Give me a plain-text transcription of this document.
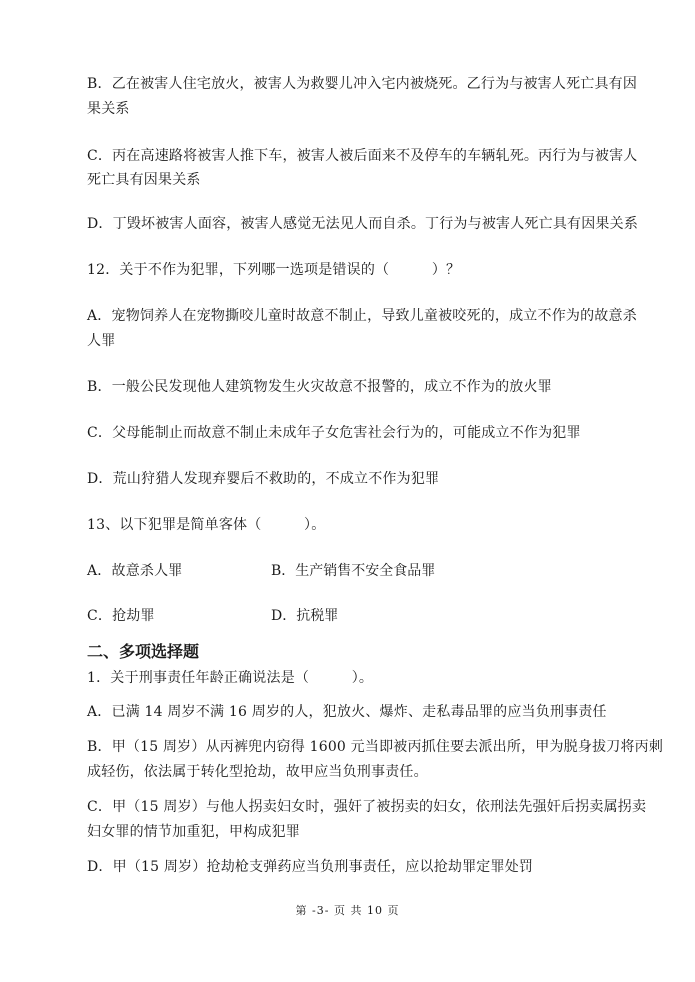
B．乙在被害人住宅放火，被害人为救婴儿冲入宅内被烧死。乙行为与被害人死亡具有因
果关系
C．丙在高速路将被害人推下车，被害人被后面来不及停车的车辆轧死。丙行为与被害人
死亡具有因果关系
D．丁毁坏被害人面容，被害人感觉无法见人而自杀。丁行为与被害人死亡具有因果关系
12．关于不作为犯罪，下列哪一选项是错误的（　　　）？
A．宠物饲养人在宠物撕咬儿童时故意不制止，导致儿童被咬死的，成立不作为的故意杀
人罪
B．一般公民发现他人建筑物发生火灾故意不报警的，成立不作为的放火罪
C．父母能制止而故意不制止未成年子女危害社会行为的，可能成立不作为犯罪
D．荒山狩猎人发现弃婴后不救助的，不成立不作为犯罪
13、以下犯罪是简单客体（　　　）。
A．故意杀人罪	B．生产销售不安全食品罪
C．抢劫罪	D．抗税罪
二、多项选择题
1．关于刑事责任年龄正确说法是（　　　）。
A．已满 14 周岁不满 16 周岁的人，犯放火、爆炸、走私毒品罪的应当负刑事责任
B．甲（15 周岁）从丙裤兜内窃得 1600 元当即被丙抓住要去派出所，甲为脱身拔刀将丙刺
成轻伤，依法属于转化型抢劫，故甲应当负刑事责任。
C．甲（15 周岁）与他人拐卖妇女时，强奸了被拐卖的妇女，依刑法先强奸后拐卖属拐卖
妇女罪的情节加重犯，甲构成犯罪
D．甲（15 周岁）抢劫枪支弹药应当负刑事责任，应以抢劫罪定罪处罚
第 -3- 页 共 10 页
